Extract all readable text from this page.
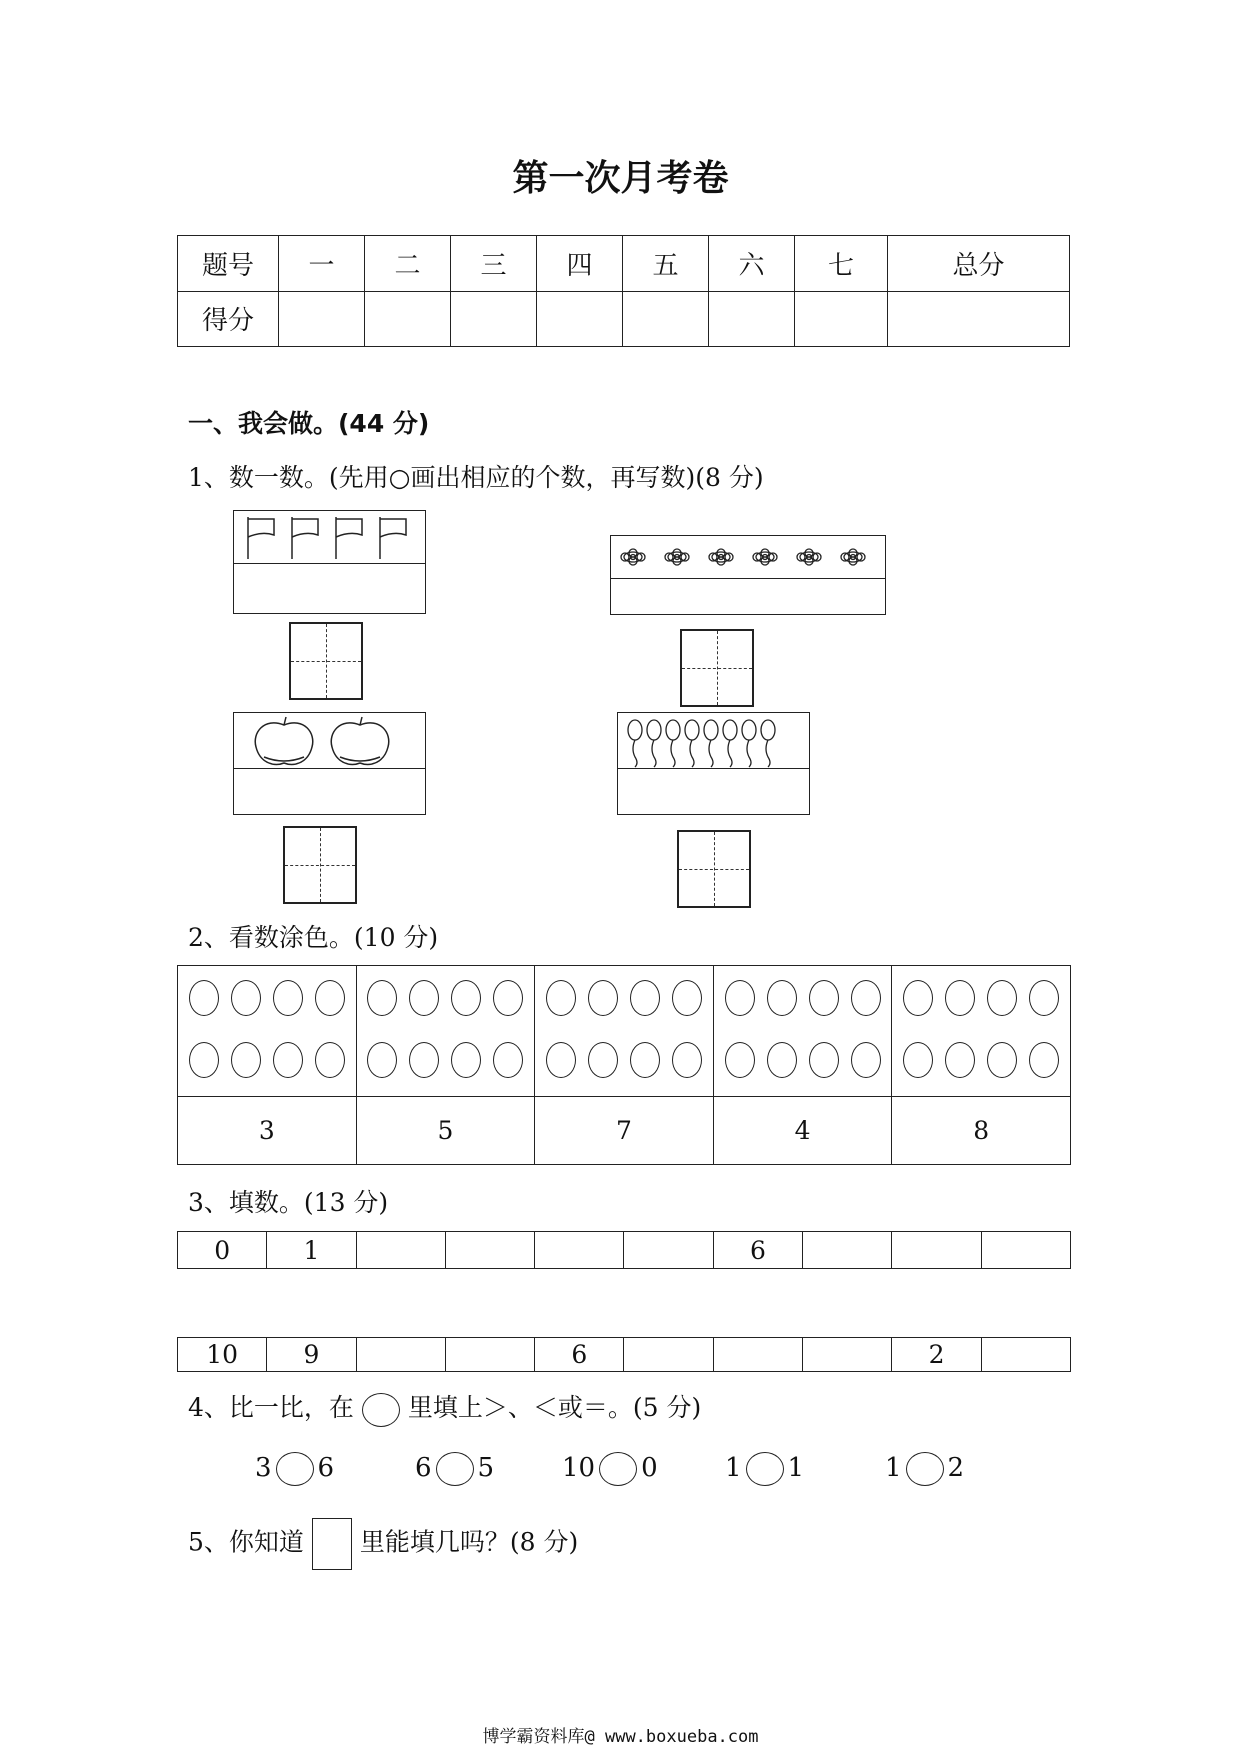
第一次月考卷
题号	一	二	三	四	五	六	七	总分
得分								
一、我会做。(44 分)
1、数一数。(先用○画出相应的个数，再写数)(8 分)
2、看数涂色。(10 分)

3	5	7	4	8
3、填数。(13 分)
0	1					6			
10	9			6				2	
4、比一比，在 里填上＞、＜或＝。(5 分)
3 6	6 5	10 0	1 1	1 2
5、你知道 里能填几吗？(8 分)
博学霸资料库@ www.boxueba.com
